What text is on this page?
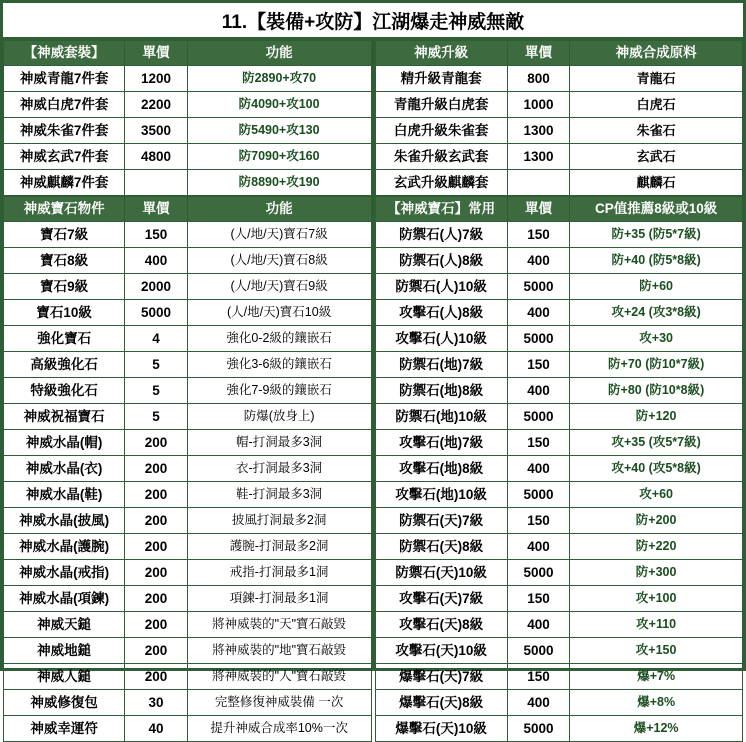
11.【裝備+攻防】江湖爆走神威無敵
【神威套裝】	單價	功能
神威青龍7件套	1200	防2890+攻70
神威白虎7件套	2200	防4090+攻100
神威朱雀7件套	3500	防5490+攻130
神威玄武7件套	4800	防7090+攻160
神威麒麟7件套		防8890+攻190
神威寶石物件	單價	功能
寶石7級	150	(人/地/天)寶石7級
寶石8級	400	(人/地/天)寶石8級
寶石9級	2000	(人/地/天)寶石9級
寶石10級	5000	(人/地/天)寶石10級
強化寶石	4	強化0-2級的鑲嵌石
高級強化石	5	強化3-6級的鑲嵌石
特級強化石	5	強化7-9級的鑲嵌石
神威祝福寶石	5	防爆(放身上)
神威水晶(帽)	200	帽-打洞最多3洞
神威水晶(衣)	200	衣-打洞最多3洞
神威水晶(鞋)	200	鞋-打洞最多3洞
神威水晶(披風)	200	披風打洞最多2洞
神威水晶(護腕)	200	護腕-打洞最多2洞
神威水晶(戒指)	200	戒指-打洞最多1洞
神威水晶(項鍊)	200	項鍊-打洞最多1洞
神威天鎚	200	將神威裝的"天"寶石敲毀
神威地鎚	200	將神威裝的"地"寶石敲毀
神威人鎚	200	將神威裝的"人"寶石敲毀
神威修復包	30	完整修復神威裝備 一次
神威幸運符	40	提升神威合成率10%一次
神威升級	單價	神威合成原料
精升級青龍套	800	青龍石
青龍升級白虎套	1000	白虎石
白虎升級朱雀套	1300	朱雀石
朱雀升級玄武套	1300	玄武石
玄武升級麒麟套		麒麟石
【神威寶石】常用	單價	CP值推薦8級或10級
防禦石(人)7級	150	防+35 (防5*7級)
防禦石(人)8級	400	防+40 (防5*8級)
防禦石(人)10級	5000	防+60
攻擊石(人)8級	400	攻+24 (攻3*8級)
攻擊石(人)10級	5000	攻+30
防禦石(地)7級	150	防+70 (防10*7級)
防禦石(地)8級	400	防+80 (防10*8級)
防禦石(地)10級	5000	防+120
攻擊石(地)7級	150	攻+35 (攻5*7級)
攻擊石(地)8級	400	攻+40 (攻5*8級)
攻擊石(地)10級	5000	攻+60
防禦石(天)7級	150	防+200
防禦石(天)8級	400	防+220
防禦石(天)10級	5000	防+300
攻擊石(天)7級	150	攻+100
攻擊石(天)8級	400	攻+110
攻擊石(天)10級	5000	攻+150
爆擊石(天)7級	150	爆+7%
爆擊石(天)8級	400	爆+8%
爆擊石(天)10級	5000	爆+12%
